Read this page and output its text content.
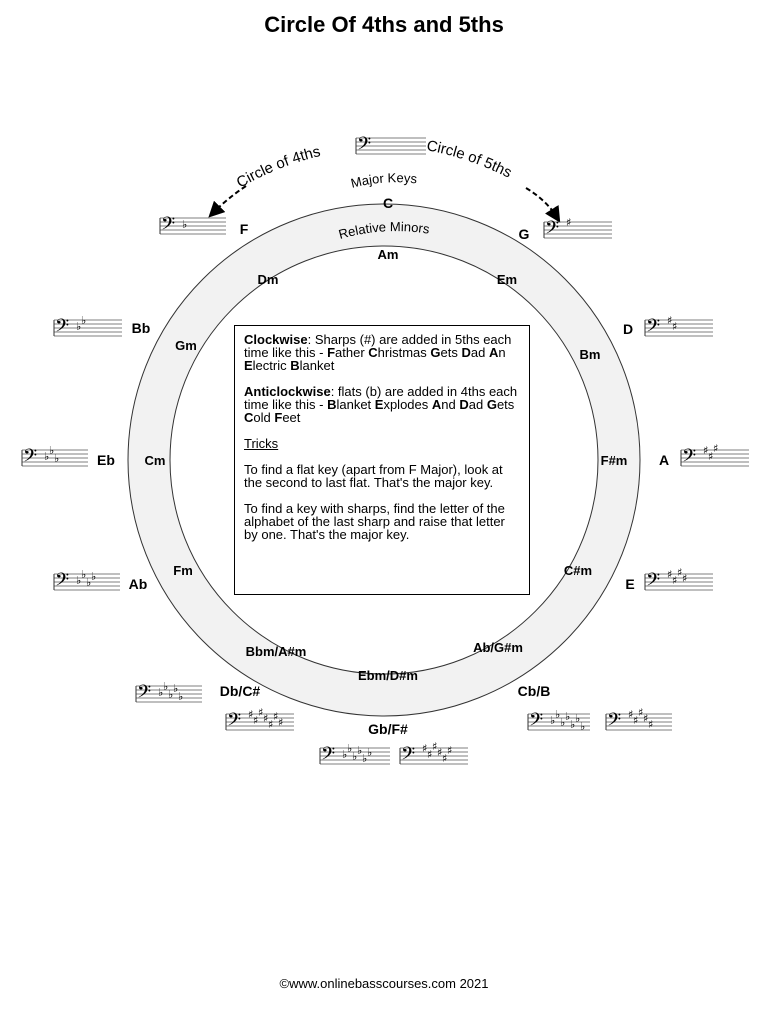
Circle Of 4ths and 5ths
Circle of 4ths	Circle of 5ths
Major Keys
Relative Minors
C
G
D
A
E
Cb/B
Gb/F#
Db/C#
Ab
Eb
Bb
F
Am
Em
Bm
F#m
C#m
Ab/G#m
Ebm/D#m
Bbm/A#m
Fm
Cm
Gm
Dm
𝄢
𝄢 ♯
𝄢 ♯ ♯
𝄢 ♯ ♯
♯
𝄢 ♯ ♯
♯ ♯
𝄢 ♭ ♭
♭ ♭
♭ ♭
♭ 𝄢 ♯ ♯
♯ ♯ ♯
𝄢 ♭ ♭
♭ ♭
♭ ♭ 𝄢 ♯ ♯
♯ ♯ ♯
♯
𝄢 ♭ ♭
♭ ♭
♭
𝄢 ♯ ♯
♯ ♯ ♯
♯ ♯
𝄢 ♭ ♭
♭ ♭
𝄢 ♭ ♭
♭
𝄢 ♭ ♭
𝄢 ♭

Clockwise: Sharps (#) are added in 5ths each time like this - Father Christmas Gets Dad An Electric Blanket

Anticlockwise: flats (b) are added in 4ths each time like this - Blanket Explodes And Dad Gets Cold Feet

Tricks

To find a flat key (apart from F Major), look at the second to last flat. That's the major key.

To find a key with sharps, find the letter of the alphabet of the last sharp and raise that letter by one. That's the major key.

©www.onlinebasscourses.com 2021
